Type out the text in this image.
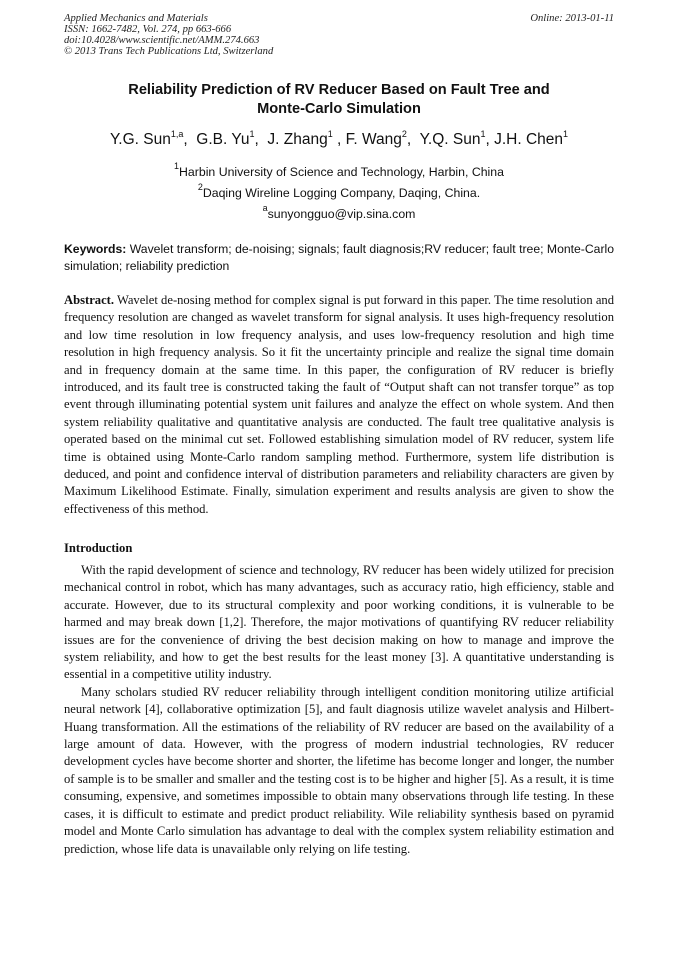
Applied Mechanics and Materials
ISSN: 1662-7482, Vol. 274, pp 663-666
doi:10.4028/www.scientific.net/AMM.274.663
© 2013 Trans Tech Publications Ltd, Switzerland
Online: 2013-01-11
Reliability Prediction of RV Reducer Based on Fault Tree and
Monte-Carlo Simulation
Y.G. Sun$^{1,a}$,  G.B. Yu$^1$,  J. Zhang$^1$ , F. Wang$^2$,  Y.Q. Sun$^1$, J.H. Chen$^1$
$^1$Harbin University of Science and Technology, Harbin, China
$^2$Daqing Wireline Logging Company, Daqing, China.
$^a$sunyongguo@vip.sina.com
Keywords: Wavelet transform; de-noising; signals; fault diagnosis;RV reducer; fault tree; Monte-Carlo simulation; reliability prediction
Abstract. Wavelet de-nosing method for complex signal is put forward in this paper. The time resolution and frequency resolution are changed as wavelet transform for signal analysis. It uses high-frequency resolution and low time resolution in low frequency analysis, and uses low-frequency resolution and high time resolution in high frequency analysis. So it fit the uncertainty principle and realize the signal time domain and in frequency domain at the same time. In this paper, the configuration of RV reducer is briefly introduced, and its fault tree is constructed taking the fault of “Output shaft can not transfer torque” as top event through illuminating potential system unit failures and analyze the effect on whole system. And then system reliability qualitative and quantitative analysis are conducted. The fault tree qualitative analysis is operated based on the minimal cut set. Followed establishing simulation model of RV reducer, system life time is obtained using Monte-Carlo random sampling method. Furthermore, system life distribution is deduced, and point and confidence interval of distribution parameters and reliability characters are given by Maximum Likelihood Estimate. Finally, simulation experiment and results analysis are given to show the effectiveness of this method.
Introduction

With the rapid development of science and technology, RV reducer has been widely utilized for precision mechanical control in robot, which has many advantages, such as accuracy ratio, high efficiency, stable and accurate. However, due to its structural complexity and poor working conditions, it is vulnerable to be harmed and may break down [1,2]. Therefore, the major motivations of quantifying RV reducer reliability issues are for the convenience of driving the best decision making on how to manage and improve the system reliability, and how to get the best results for the least money [3]. A quantitative understanding is essential in a competitive utility industry.

Many scholars studied RV reducer reliability through intelligent condition monitoring utilize artificial neural network [4], collaborative optimization [5], and fault diagnosis utilize wavelet analysis and Hilbert-Huang transformation. All the estimations of the reliability of RV reducer are based on the availability of a large amount of data. However, with the progress of modern industrial technologies, RV reducer development cycles have become shorter and shorter, the lifetime has become longer and longer, the number of sample is to be smaller and smaller and the testing cost is to be higher and higher [5]. As a result, it is time consuming, expensive, and sometimes impossible to obtain many observations through life testing. In these cases, it is difficult to estimate and predict product reliability. Wile reliability synthesis based on pyramid model and Monte Carlo simulation has advantage to deal with the complex system reliability estimation and prediction, whose life data is unavailable only relying on life testing.
